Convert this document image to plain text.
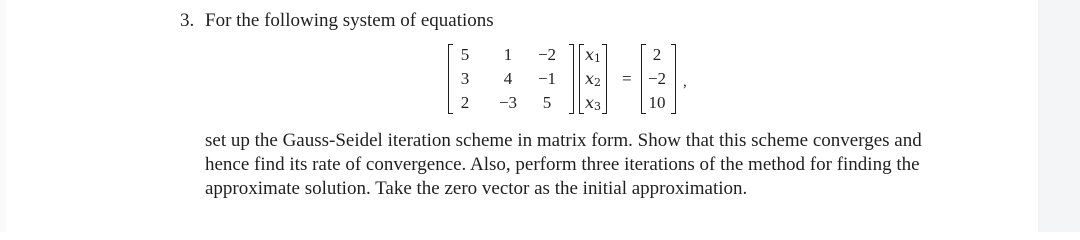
3. For the following system of equations
5	1	−2
3	4	−1
2	−3	5
$x_1$
$x_2$
$x_3$
=
2
−2
10
,
set up the Gauss-Seidel iteration scheme in matrix form. Show that this scheme converges and
hence find its rate of convergence. Also, perform three iterations of the method for finding the
approximate solution. Take the zero vector as the initial approximation.
